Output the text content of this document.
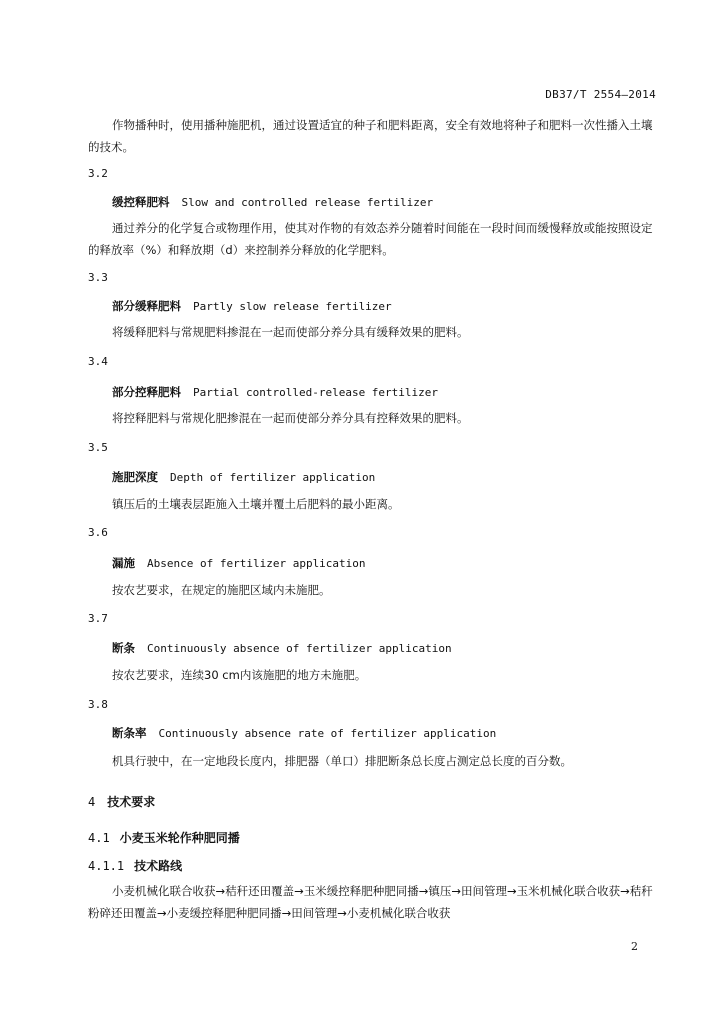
DB37/T 2554—2014
作物播种时，使用播种施肥机，通过设置适宜的种子和肥料距离，安全有效地将种子和肥料一次性播入土壤的技术。
3.2
缓控释肥料 Slow and controlled release fertilizer
通过养分的化学复合或物理作用，使其对作物的有效态养分随着时间能在一段时间而缓慢释放或能按照设定的释放率（%）和释放期（d）来控制养分释放的化学肥料。
3.3
部分缓释肥料 Partly slow release fertilizer
将缓释肥料与常规肥料掺混在一起而使部分养分具有缓释效果的肥料。
3.4
部分控释肥料 Partial controlled-release fertilizer
将控释肥料与常规化肥掺混在一起而使部分养分具有控释效果的肥料。
3.5
施肥深度 Depth of fertilizer application
镇压后的土壤表层距施入土壤并覆土后肥料的最小距离。
3.6
漏施 Absence of fertilizer application
按农艺要求，在规定的施肥区域内未施肥。
3.7
断条 Continuously absence of fertilizer application
按农艺要求，连续30 cm内该施肥的地方未施肥。
3.8
断条率 Continuously absence rate of fertilizer application
机具行驶中，在一定地段长度内，排肥器（单口）排肥断条总长度占测定总长度的百分数。
4 技术要求
4.1 小麦玉米轮作种肥同播
4.1.1 技术路线
小麦机械化联合收获→秸秆还田覆盖→玉米缓控释肥种肥同播→镇压→田间管理→玉米机械化联合收获→秸秆粉碎还田覆盖→小麦缓控释肥种肥同播→田间管理→小麦机械化联合收获
2
